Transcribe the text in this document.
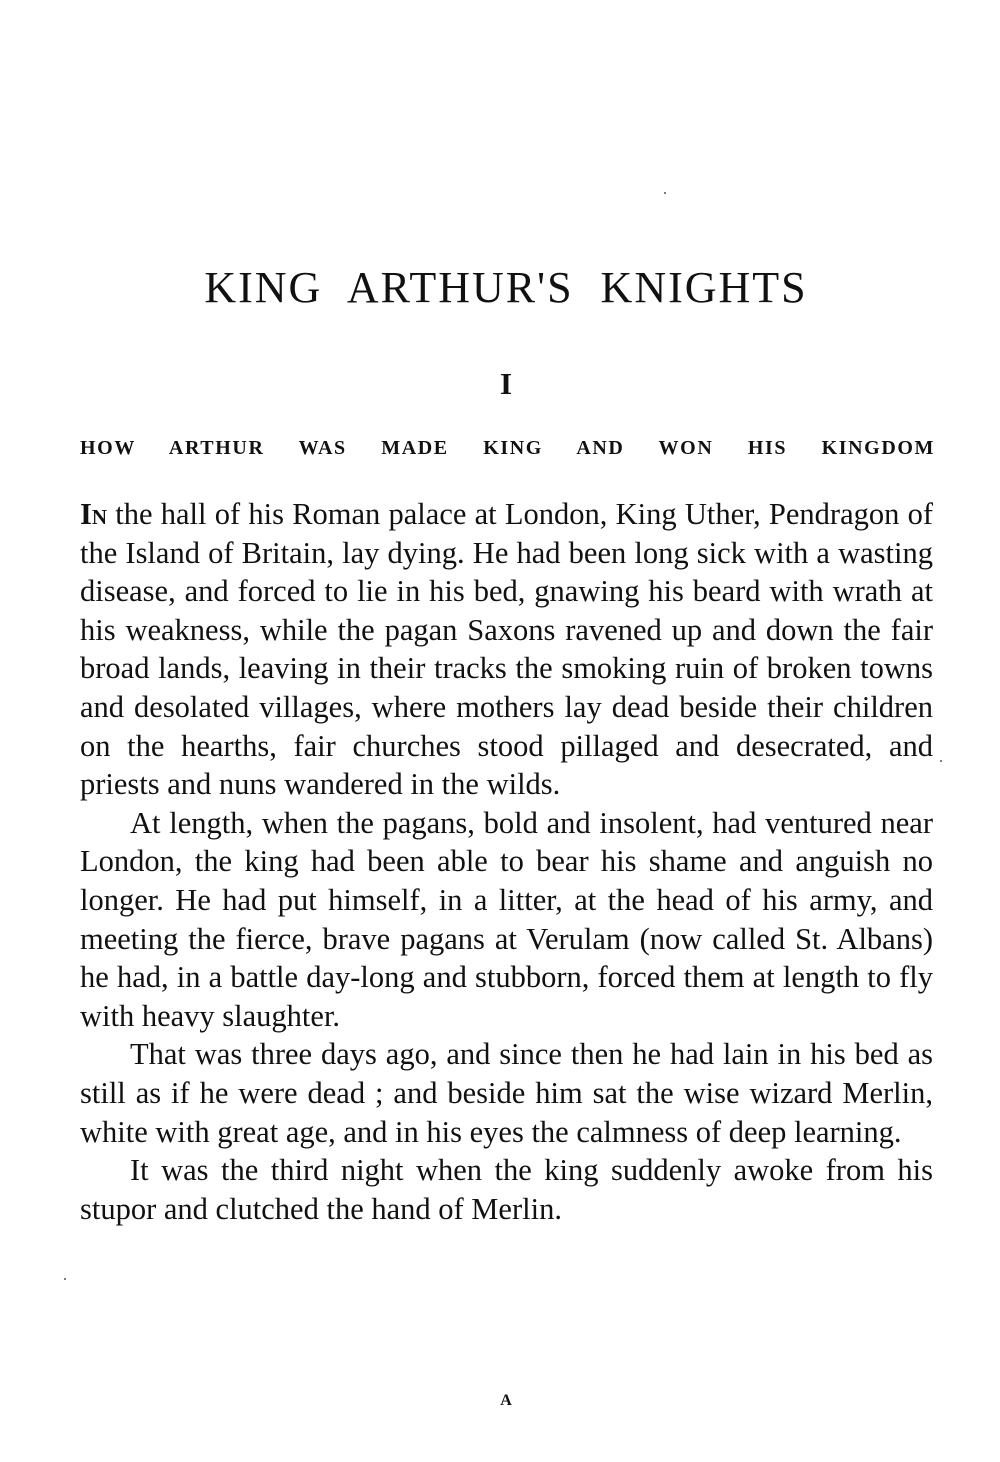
KING ARTHUR'S KNIGHTS
I
HOW ARTHUR WAS MADE KING AND WON HIS KINGDOM

In the hall of his Roman palace at London, King Uther, Pendragon of the Island of Britain, lay dying. He had been long sick with a wasting disease, and forced to lie in his bed, gnawing his beard with wrath at his weakness, while the pagan Saxons ravened up and down the fair broad lands, leaving in their tracks the smoking ruin of broken towns and desolated villages, where mothers lay dead beside their children on the hearths, fair churches stood pillaged and desecrated, and priests and nuns wandered in the wilds.

At length, when the pagans, bold and insolent, had ventured near London, the king had been able to bear his shame and anguish no longer. He had put himself, in a litter, at the head of his army, and meeting the fierce, brave pagans at Verulam (now called St. Albans) he had, in a battle day-long and stubborn, forced them at length to fly with heavy slaughter.

That was three days ago, and since then he had lain in his bed as still as if he were dead ; and beside him sat the wise wizard Merlin, white with great age, and in his eyes the calmness of deep learning.

It was the third night when the king suddenly awoke from his stupor and clutched the hand of Merlin.

A
